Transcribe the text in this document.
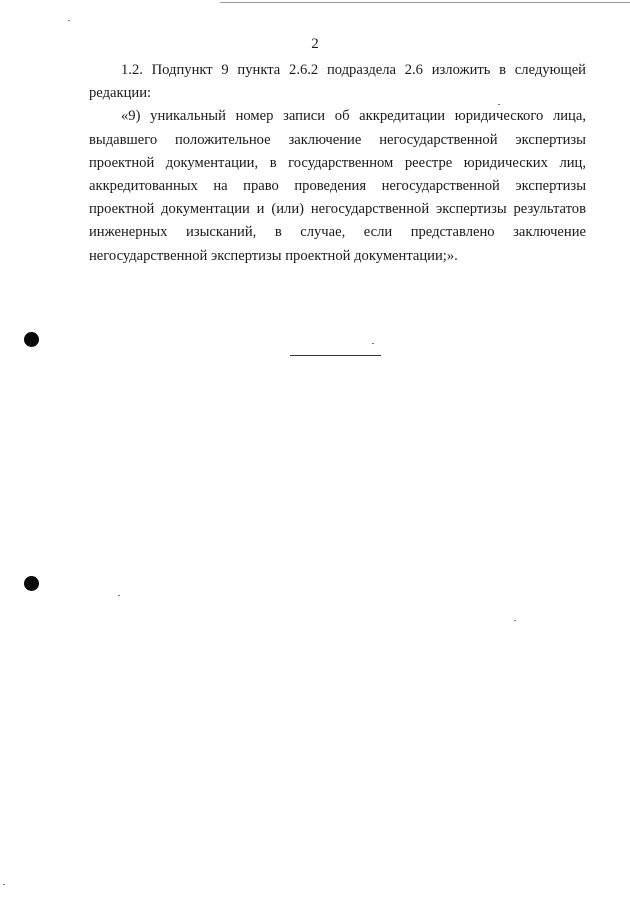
2

1.2. Подпункт 9 пункта 2.6.2 подраздела 2.6 изложить в следующей редакции:

«9) уникальный номер записи об аккредитации юридического лица, выдавшего положительное заключение негосударственной экспертизы проектной документации, в государственном реестре юридических лиц, аккредитованных на право проведения негосударственной экспертизы проектной документации и (или) негосударственной экспертизы результатов инженерных изысканий, в случае, если представлено заключение негосударственной экспертизы проектной документации;».
